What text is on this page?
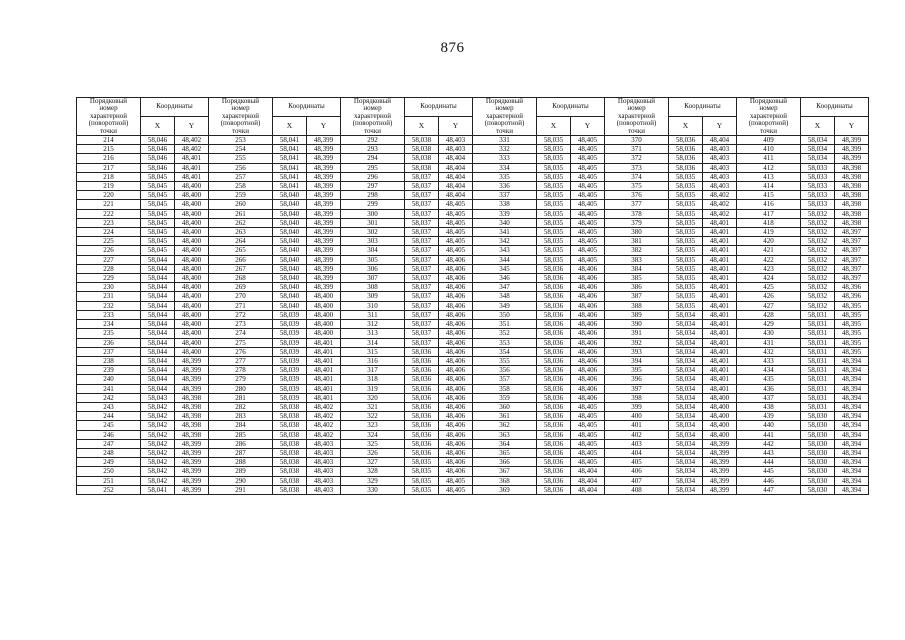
876
Порядковый
номер
характерной
(поворотной)
точки	Координаты		Порядковый
номер
характерной
(поворотной)
точки	Координаты		Порядковый
номер
характерной
(поворотной)
точки	Координаты		Порядковый
номер
характерной
(поворотной)
точки	Координаты		Порядковый
номер
характерной
(поворотной)
точки	Координаты		Порядковый
номер
характерной
(поворотной)
точки	Координаты	
	X	Y		X	Y		X	Y		X	Y		X	Y		X	Y
214	58,046	48,402	253	58,041	48,399	292	58,038	48,403	331	58,035	48,405	370	58,036	48,404	409	58,034	48,399
215	58,046	48,402	254	58,041	48,399	293	58,038	48,403	332	58,035	48,405	371	58,036	48,403	410	58,034	48,399
216	58,046	48,401	255	58,041	48,399	294	58,038	48,404	333	58,035	48,405	372	58,036	48,403	411	58,034	48,399
217	58,046	48,401	256	58,041	48,399	295	58,038	48,404	334	58,035	48,405	373	58,036	48,403	412	58,033	48,398
218	58,045	48,401	257	58,041	48,399	296	58,037	48,404	335	58,035	48,405	374	58,035	48,403	413	58,033	48,398
219	58,045	48,400	258	58,041	48,399	297	58,037	48,404	336	58,035	48,405	375	58,035	48,403	414	58,033	48,398
220	58,045	48,400	259	58,040	48,399	298	58,037	48,404	337	58,035	48,405	376	58,035	48,402	415	58,033	48,398
221	58,045	48,400	260	58,040	48,399	299	58,037	48,405	338	58,035	48,405	377	58,035	48,402	416	58,033	48,398
222	58,045	48,400	261	58,040	48,399	300	58,037	48,405	339	58,035	48,405	378	58,035	48,402	417	58,032	48,398
223	58,045	48,400	262	58,040	48,399	301	58,037	48,405	340	58,035	48,405	379	58,035	48,401	418	58,032	48,398
224	58,045	48,400	263	58,040	48,399	302	58,037	48,405	341	58,035	48,405	380	58,035	48,401	419	58,032	48,397
225	58,045	48,400	264	58,040	48,399	303	58,037	48,405	342	58,035	48,405	381	58,035	48,401	420	58,032	48,397
226	58,045	48,400	265	58,040	48,399	304	58,037	48,405	343	58,035	48,405	382	58,035	48,401	421	58,032	48,397
227	58,044	48,400	266	58,040	48,399	305	58,037	48,406	344	58,035	48,405	383	58,035	48,401	422	58,032	48,397
228	58,044	48,400	267	58,040	48,399	306	58,037	48,406	345	58,036	48,406	384	58,035	48,401	423	58,032	48,397
229	58,044	48,400	268	58,040	48,399	307	58,037	48,406	346	58,036	48,406	385	58,035	48,401	424	58,032	48,397
230	58,044	48,400	269	58,040	48,399	308	58,037	48,406	347	58,036	48,406	386	58,035	48,401	425	58,032	48,396
231	58,044	48,400	270	58,040	48,400	309	58,037	48,406	348	58,036	48,406	387	58,035	48,401	426	58,032	48,396
232	58,044	48,400	271	58,040	48,400	310	58,037	48,406	349	58,036	48,406	388	58,035	48,401	427	58,032	48,395
233	58,044	48,400	272	58,039	48,400	311	58,037	48,406	350	58,036	48,406	389	58,034	48,401	428	58,031	48,395
234	58,044	48,400	273	58,039	48,400	312	58,037	48,406	351	58,036	48,406	390	58,034	48,401	429	58,031	48,395
235	58,044	48,400	274	58,039	48,400	313	58,037	48,406	352	58,036	48,406	391	58,034	48,401	430	58,031	48,395
236	58,044	48,400	275	58,039	48,401	314	58,037	48,406	353	58,036	48,406	392	58,034	48,401	431	58,031	48,395
237	58,044	48,400	276	58,039	48,401	315	58,036	48,406	354	58,036	48,406	393	58,034	48,401	432	58,031	48,395
238	58,044	48,399	277	58,039	48,401	316	58,036	48,406	355	58,036	48,406	394	58,034	48,401	433	58,031	48,394
239	58,044	48,399	278	58,039	48,401	317	58,036	48,406	356	58,036	48,406	395	58,034	48,401	434	58,031	48,394
240	58,044	48,399	279	58,039	48,401	318	58,036	48,406	357	58,036	48,406	396	58,034	48,401	435	58,031	48,394
241	58,044	48,399	280	58,039	48,401	319	58,036	48,406	358	58,036	48,406	397	58,034	48,401	436	58,031	48,394
242	58,043	48,398	281	58,039	48,401	320	58,036	48,406	359	58,036	48,406	398	58,034	48,400	437	58,031	48,394
243	58,042	48,398	282	58,038	48,402	321	58,036	48,406	360	58,036	48,405	399	58,034	48,400	438	58,031	48,394
244	58,042	48,398	283	58,038	48,402	322	58,036	48,406	361	58,036	48,405	400	58,034	48,400	439	58,030	48,394
245	58,042	48,398	284	58,038	48,402	323	58,036	48,406	362	58,036	48,405	401	58,034	48,400	440	58,030	48,394
246	58,042	48,398	285	58,038	48,402	324	58,036	48,406	363	58,036	48,405	402	58,034	48,400	441	58,030	48,394
247	58,042	48,399	286	58,038	48,403	325	58,036	48,406	364	58,036	48,405	403	58,034	48,399	442	58,030	48,394
248	58,042	48,399	287	58,038	48,403	326	58,036	48,406	365	58,036	48,405	404	58,034	48,399	443	58,030	48,394
249	58,042	48,399	288	58,038	48,403	327	58,035	48,406	366	58,036	48,405	405	58,034	48,399	444	58,030	48,394
250	58,042	48,399	289	58,038	48,403	328	58,035	48,406	367	58,036	48,404	406	58,034	48,399	445	58,030	48,394
251	58,042	48,399	290	58,038	48,403	329	58,035	48,405	368	58,036	48,404	407	58,034	48,399	446	58,030	48,394
252	58,041	48,399	291	58,038	48,403	330	58,035	48,405	369	58,036	48,404	408	58,034	48,399	447	58,030	48,394
